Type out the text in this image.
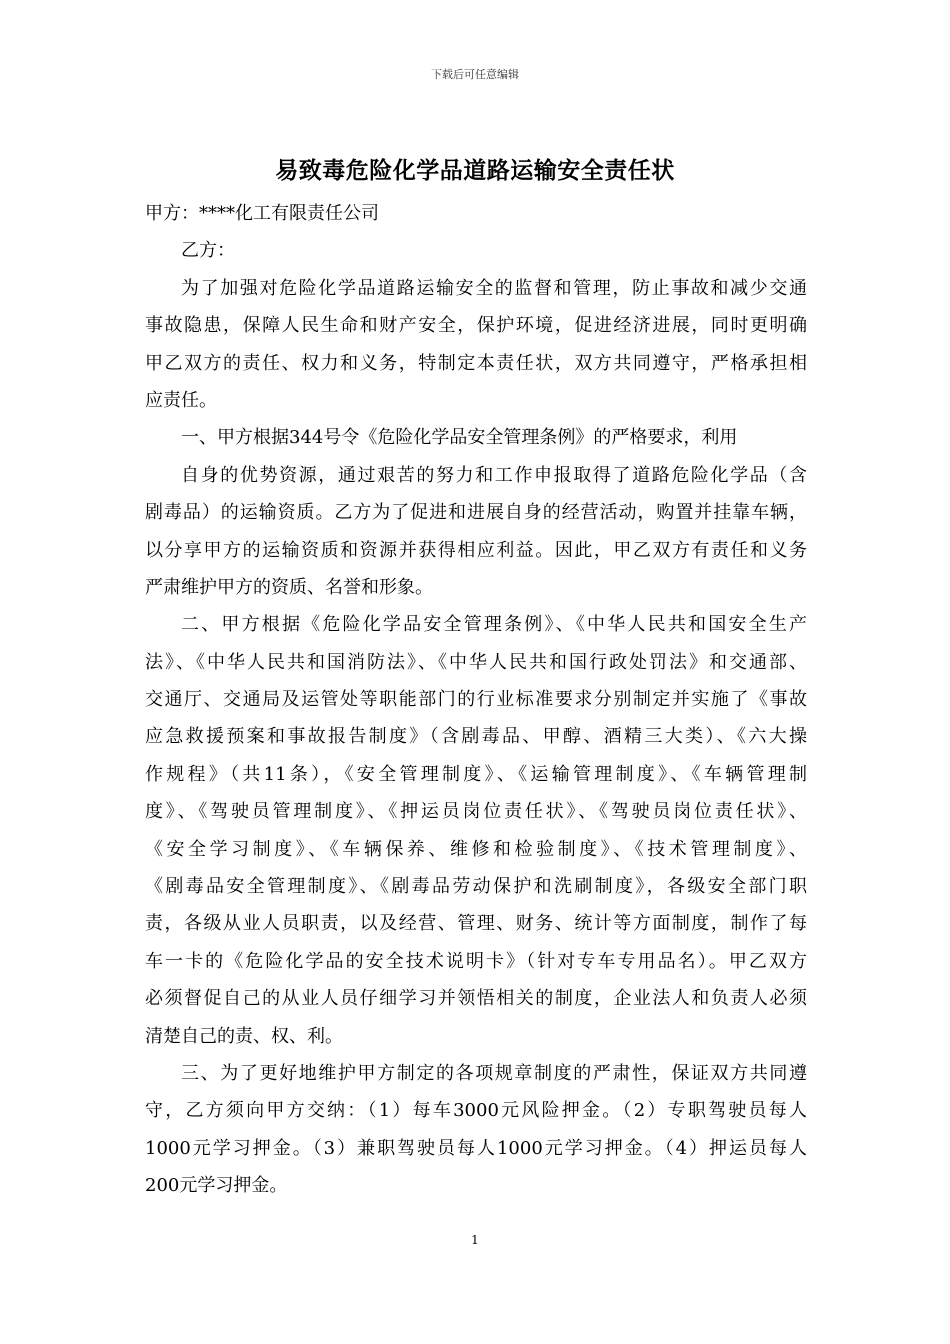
下载后可任意编辑
易致毒危险化学品道路运输安全责任状
甲方：****化工有限责任公司
乙方：
为了加强对危险化学品道路运输安全的监督和管理，防止事故和减少交通
事故隐患，保障人民生命和财产安全，保护环境，促进经济进展，同时更明确
甲乙双方的责任、权力和义务，特制定本责任状，双方共同遵守，严格承担相
应责任。
一、甲方根据344号令《危险化学品安全管理条例》的严格要求，利用
自身的优势资源，通过艰苦的努力和工作申报取得了道路危险化学品（含
剧毒品）的运输资质。乙方为了促进和进展自身的经营活动，购置并挂靠车辆，
以分享甲方的运输资质和资源并获得相应利益。因此，甲乙双方有责任和义务
严肃维护甲方的资质、名誉和形象。
二、甲方根据《危险化学品安全管理条例》、《中华人民共和国安全生产
法》、《中华人民共和国消防法》、《中华人民共和国行政处罚法》和交通部、
交通厅、交通局及运管处等职能部门的行业标准要求分别制定并实施了《事故
应急救援预案和事故报告制度》（含剧毒品、甲醇、酒精三大类）、《六大操
作规程》（共11条），《安全管理制度》、《运输管理制度》、《车辆管理制
度》、《驾驶员管理制度》、《押运员岗位责任状》、《驾驶员岗位责任状》、
《安全学习制度》、《车辆保养、维修和检验制度》、《技术管理制度》、
《剧毒品安全管理制度》、《剧毒品劳动保护和洗刷制度》，各级安全部门职
责，各级从业人员职责，以及经营、管理、财务、统计等方面制度，制作了每
车一卡的《危险化学品的安全技术说明卡》（针对专车专用品名）。甲乙双方
必须督促自己的从业人员仔细学习并领悟相关的制度，企业法人和负责人必须
清楚自己的责、权、利。
三、为了更好地维护甲方制定的各项规章制度的严肃性，保证双方共同遵
守，乙方须向甲方交纳：（1）每车3000元风险押金。（2）专职驾驶员每人
1000元学习押金。（3）兼职驾驶员每人1000元学习押金。（4）押运员每人
200元学习押金。
1
